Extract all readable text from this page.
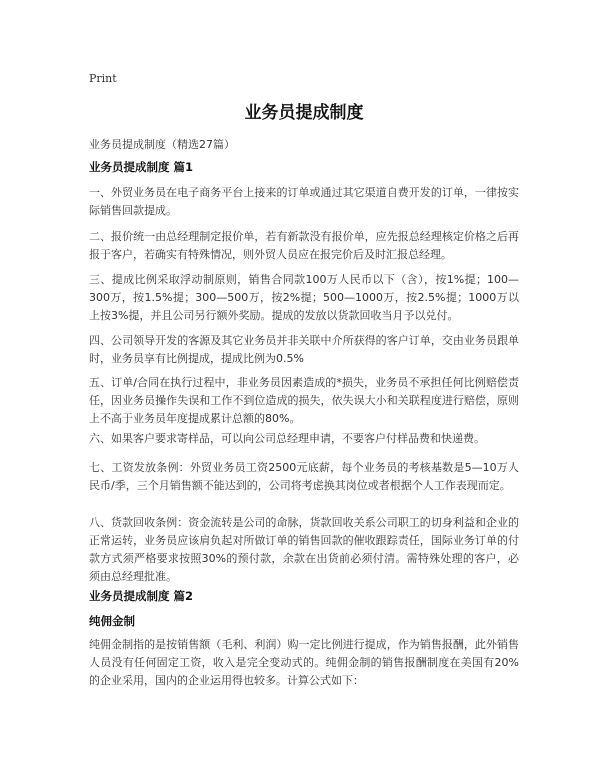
Print
业务员提成制度
业务员提成制度（精选27篇）
业务员提成制度 篇1

一、外贸业务员在电子商务平台上接来的订单或通过其它渠道自费开发的订单，一律按实际销售回款提成。

二、报价统一由总经理制定报价单，若有新款没有报价单，应先报总经理核定价格之后再报于客户，若确实有特殊情况，则外贸人员应在报完价后及时汇报总经理。

三、提成比例采取浮动制原则，销售合同款100万人民币以下（含），按1%提；100—300万，按1.5%提；300—500万，按2%提；500—1000万，按2.5%提；1000万以上按3%提，并且公司另行额外奖励。提成的发放以货款回收当月予以兑付。

四、公司领导开发的客源及其它业务员并非关联中介所获得的客户订单，交由业务员跟单时，业务员享有比例提成，提成比例为0.5%

五、订单/合同在执行过程中，非业务员因素造成的*损失，业务员不承担任何比例赔偿责任，因业务员操作失误和工作不到位造成的损失，依失误大小和关联程度进行赔偿，原则上不高于业务员年度提成累计总额的80%。

六、如果客户要求寄样品，可以向公司总经理申请，不要客户付样品费和快递费。

七、工资发放条例：外贸业务员工资2500元底薪，每个业务员的考核基数是5—10万人民币/季，三个月销售额不能达到的，公司将考虑换其岗位或者根据个人工作表现而定。

八、货款回收条例：资金流转是公司的命脉，货款回收关系公司职工的切身利益和企业的正常运转，业务员应该肩负起对所做订单的销售回款的催收跟踪责任，国际业务订单的付款方式须严格要求按照30%的预付款，余款在出货前必须付清。需特殊处理的客户，必须由总经理批准。

业务员提成制度 篇2
纯佣金制

纯佣金制指的是按销售额（毛利、利润）购一定比例进行提成，作为销售报酬，此外销售人员没有任何固定工资，收入是完全变动式的。纯佣金制的销售报酬制度在美国有20%的企业采用，国内的企业运用得也较多。计算公式如下：
